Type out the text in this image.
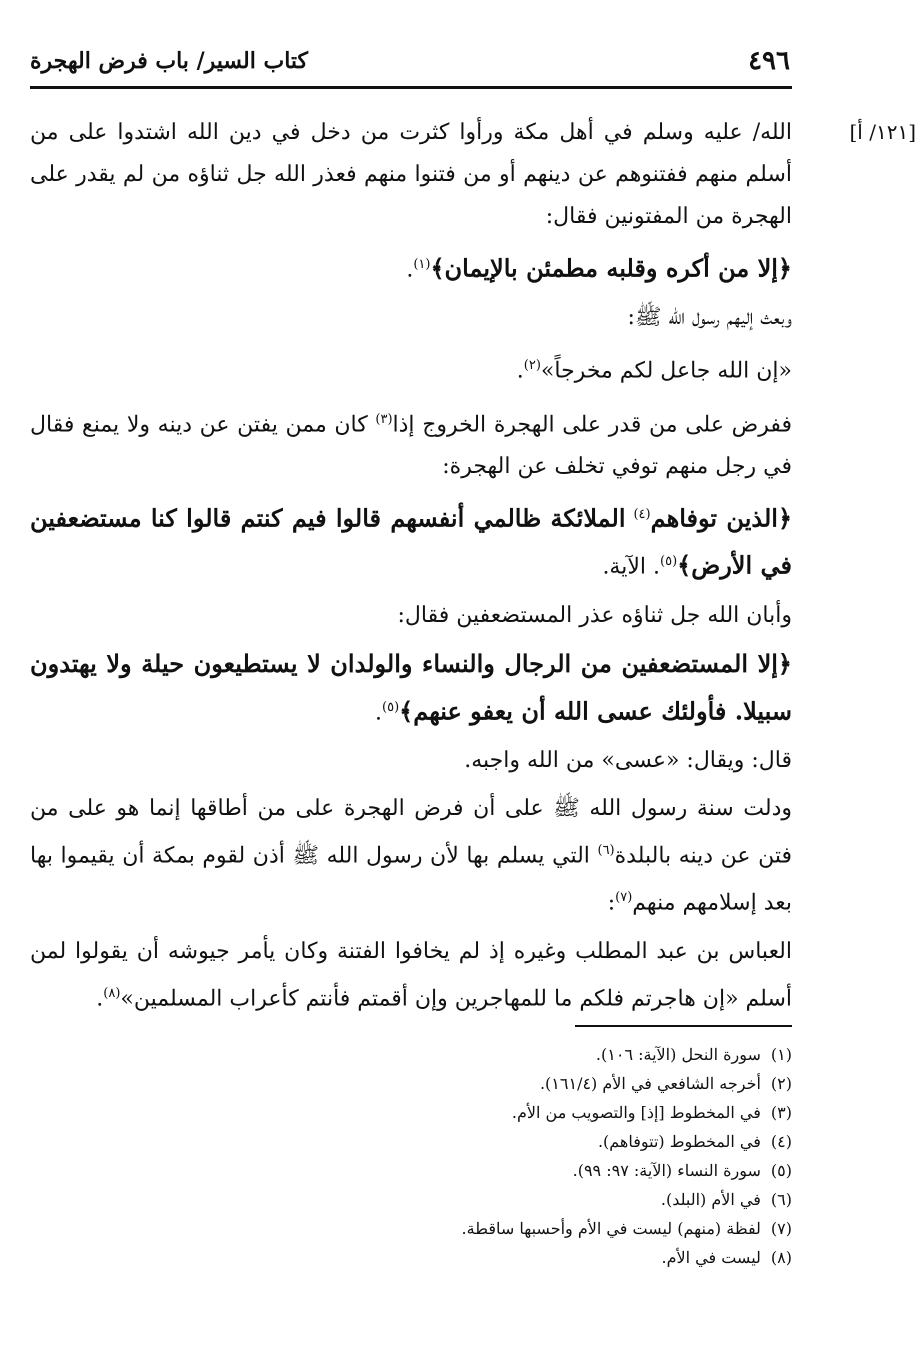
٤٩٦
كتاب السير/ باب فرض الهجرة
[١٢١/ أ]

الله/ عليه وسلم في أهل مكة ورأوا كثرت من دخل في دين الله اشتدوا على من أسلم منهم ففتنوهم عن دينهم أو من فتنوا منهم فعذر الله جل ثناؤه من لم يقدر على الهجرة من المفتونين فقال:

﴿إلا من أكره وقلبه مطمئن بالإيمان﴾$^{(١)}$.

وبعث إليهم رسول الله ﷺ:

«إن الله جاعل لكم مخرجاً»$^{(٢)}$.

ففرض على من قدر على الهجرة الخروج إذا$^{(٣)}$ كان ممن يفتن عن دينه ولا يمنع فقال في رجل منهم توفي تخلف عن الهجرة:

﴿الذين توفاهم$^{(٤)}$ الملائكة ظالمي أنفسهم قالوا فيم كنتم قالوا كنا مستضعفين في الأرض﴾$^{(٥)}$. الآية.

وأبان الله جل ثناؤه عذر المستضعفين فقال:

﴿إلا المستضعفين من الرجال والنساء والولدان لا يستطيعون حيلة ولا يهتدون سبيلا. فأولئك عسى الله أن يعفو عنهم﴾$^{(٥)}$.

قال: ويقال: «عسى» من الله واجبه.

ودلت سنة رسول الله ﷺ على أن فرض الهجرة على من أطاقها إنما هو على من فتن عن دينه بالبلدة$^{(٦)}$ التي يسلم بها لأن رسول الله ﷺ أذن لقوم بمكة أن يقيموا بها بعد إسلامهم منهم$^{(٧)}$:

العباس بن عبد المطلب وغيره إذ لم يخافوا الفتنة وكان يأمر جيوشه أن يقولوا لمن أسلم «إن هاجرتم فلكم ما للمهاجرين وإن أقمتم فأنتم كأعراب المسلمين»$^{(٨)}$.

(١) سورة النحل (الآية: ١٠٦).
(٢) أخرجه الشافعي في الأم (١٦١/٤).
(٣) في المخطوط [إذ] والتصويب من الأم.
(٤) في المخطوط (تتوفاهم).
(٥) سورة النساء (الآية: ٩٧: ٩٩).
(٦) في الأم (البلد).
(٧) لفظة (منهم) ليست في الأم وأحسبها ساقطة.
(٨) ليست في الأم.
